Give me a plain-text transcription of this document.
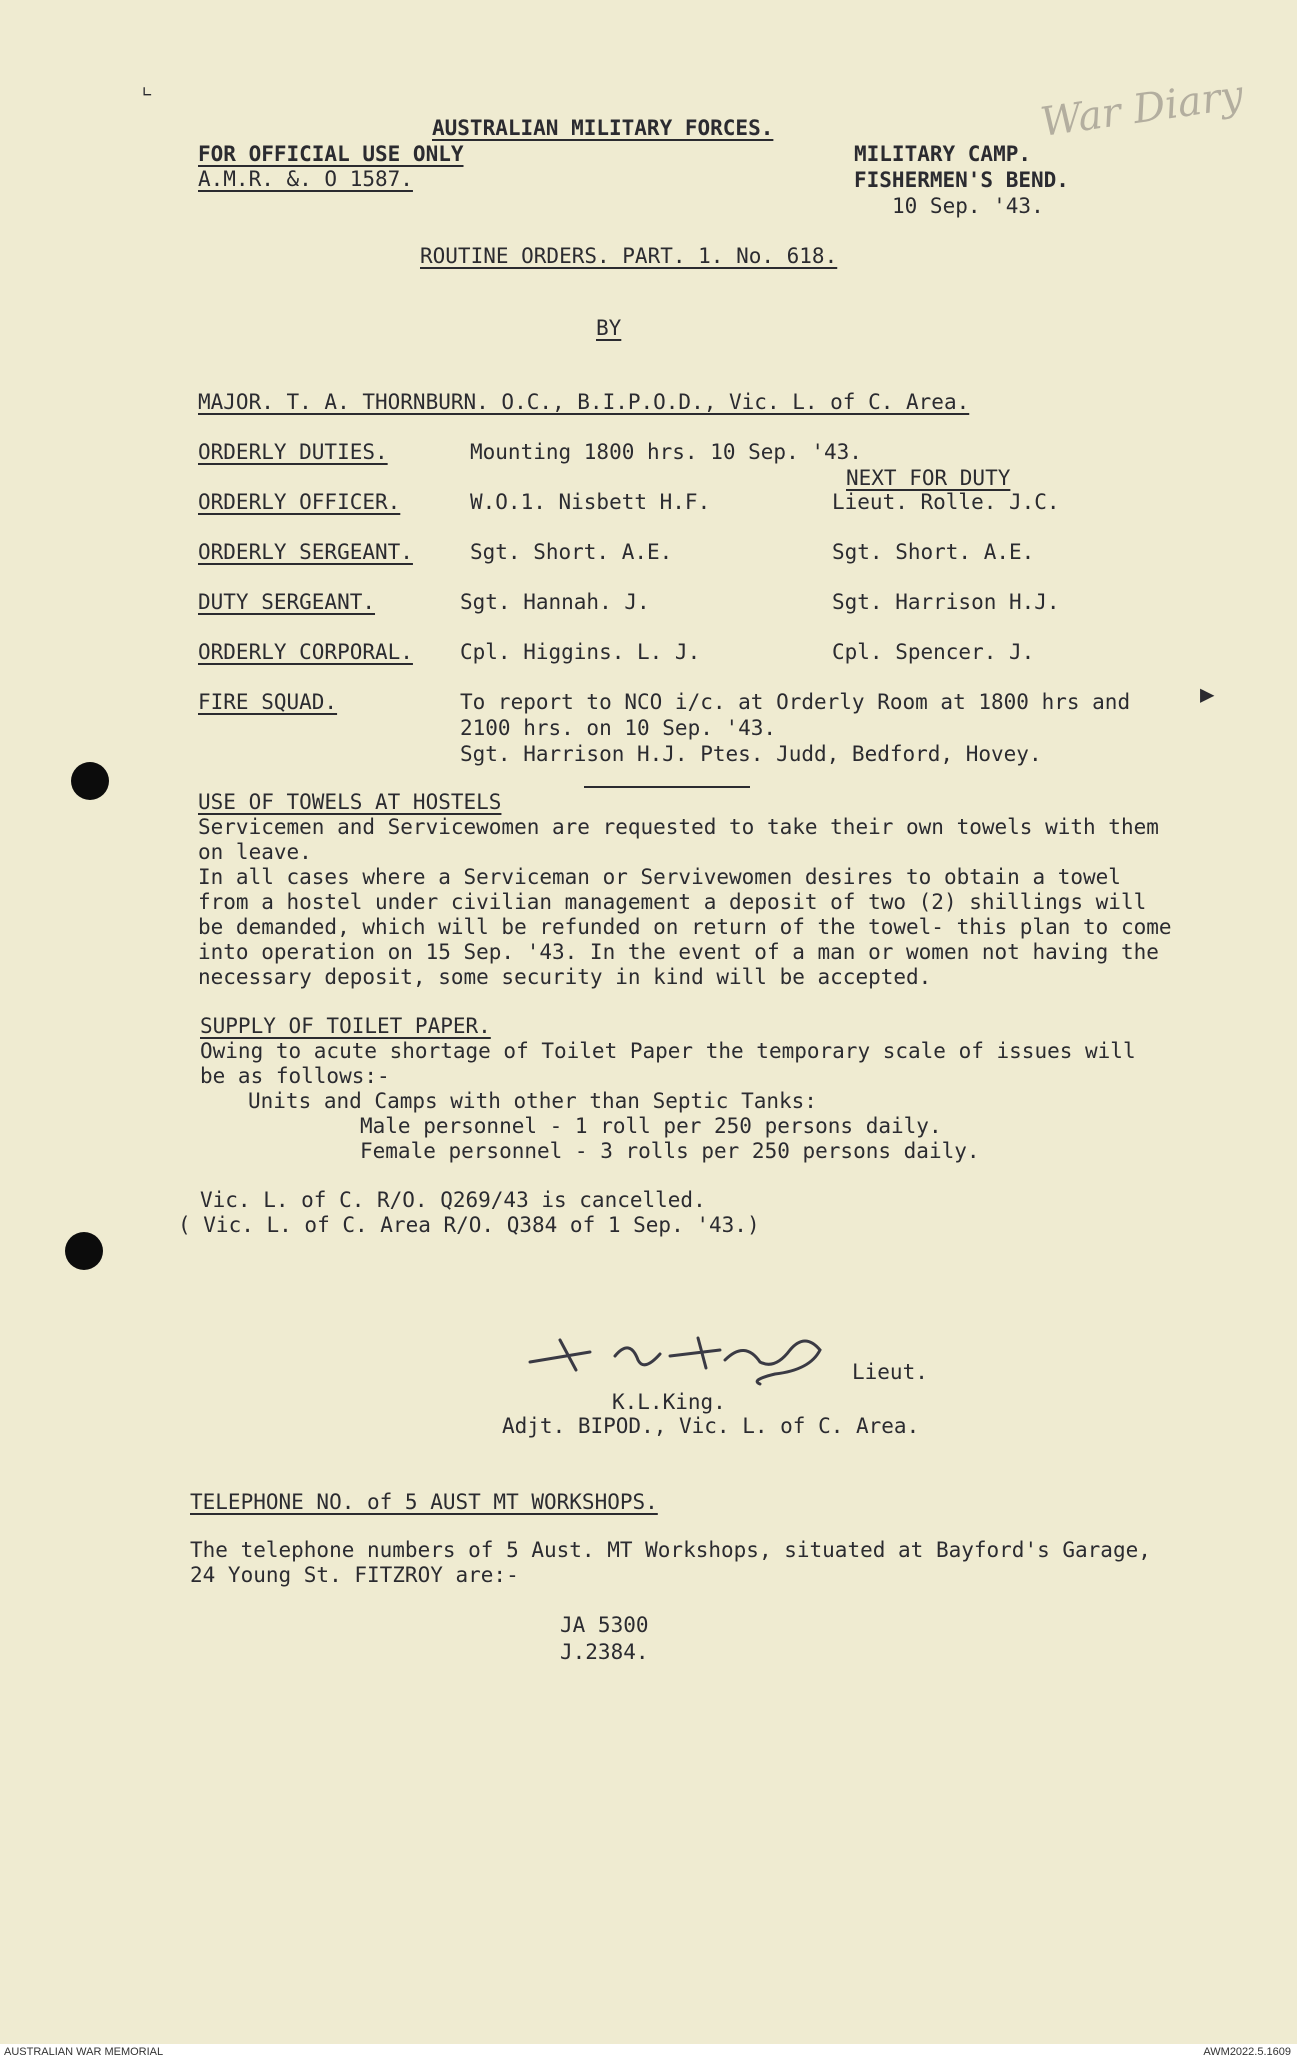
War Diary
⌞
▶
AUSTRALIAN MILITARY FORCES.
FOR OFFICIAL USE ONLY
A.M.R. &. O 1587.
MILITARY CAMP.
FISHERMEN'S BEND.
10 Sep. '43.
ROUTINE ORDERS. PART. 1. No. 618.
BY
MAJOR. T. A. THORNBURN. O.C., B.I.P.O.D., Vic. L. of C. Area.
ORDERLY DUTIES.	Mounting 1800 hrs. 10 Sep. '43.
NEXT FOR DUTY
ORDERLY OFFICER.	W.O.1. Nisbett H.F.	Lieut. Rolle. J.C.
ORDERLY SERGEANT.	Sgt. Short. A.E.	Sgt. Short. A.E.
DUTY SERGEANT.	Sgt. Hannah. J.	Sgt. Harrison H.J.
ORDERLY CORPORAL. Cpl. Higgins. L. J.	Cpl. Spencer. J.
FIRE SQUAD.	To report to NCO i/c. at Orderly Room at 1800 hrs and
2100 hrs. on 10 Sep. '43.
Sgt. Harrison H.J. Ptes. Judd, Bedford, Hovey.
USE OF TOWELS AT HOSTELS
Servicemen and Servicewomen are requested to take their own towels with them
on leave.
In all cases where a Serviceman or Servivewomen desires to obtain a towel
from a hostel under civilian management a deposit of two (2) shillings will
be demanded, which will be refunded on return of the towel- this plan to come
into operation on 15 Sep. '43. In the event of a man or women not having the
necessary deposit, some security in kind will be accepted.
SUPPLY OF TOILET PAPER.
Owing to acute shortage of Toilet Paper the temporary scale of issues will
be as follows:-
Units and Camps with other than Septic Tanks:
Male personnel - 1 roll per 250 persons daily.
Female personnel - 3 rolls per 250 persons daily.
Vic. L. of C. R/O. Q269/43 is cancelled.
( Vic. L. of C. Area R/O. Q384 of 1 Sep. '43.)
Lieut.
K.L.King.
Adjt. BIPOD., Vic. L. of C. Area.
TELEPHONE NO. of 5 AUST MT WORKSHOPS.
The telephone numbers of 5 Aust. MT Workshops, situated at Bayford's Garage,
24 Young St. FITZROY are:-
JA 5300
J.2384.
AUSTRALIAN WAR MEMORIAL	AWM2022.5.1609
